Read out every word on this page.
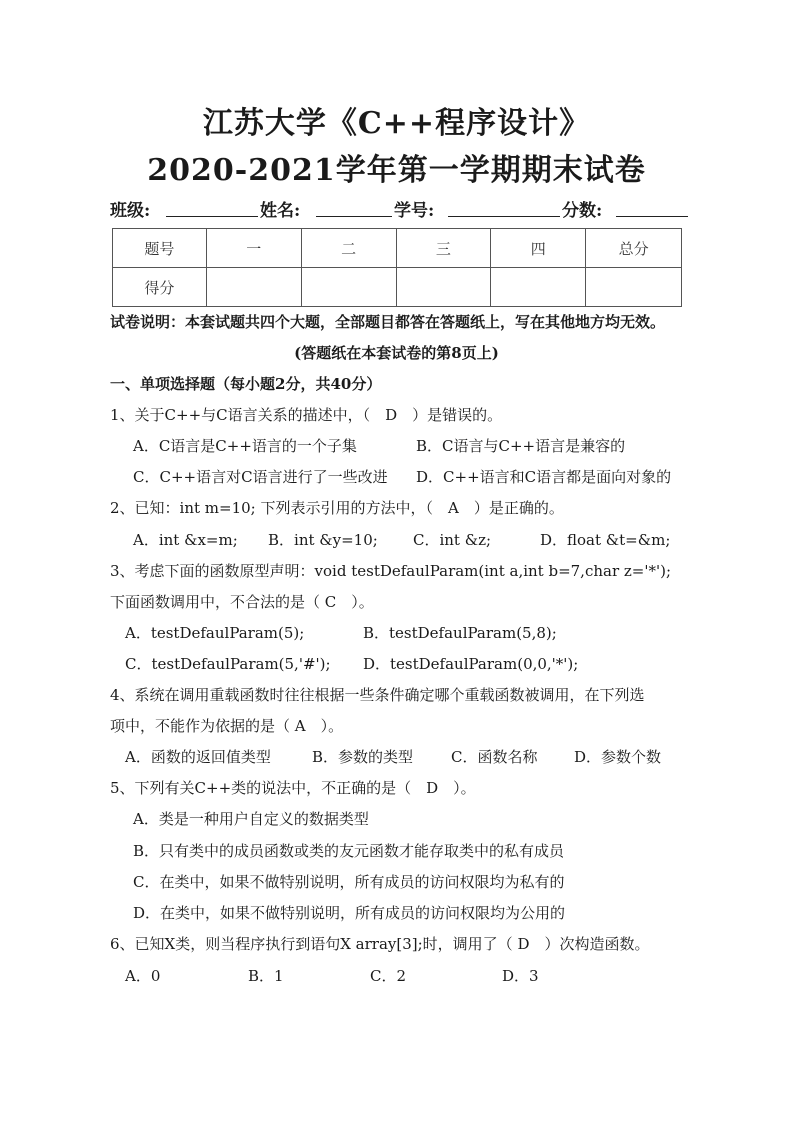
江苏大学《C++程序设计》
2020-2021学年第一学期期末试卷
班级:	姓名:	学号:	分数:
题号	一	二	三	四	总分
得分					
试卷说明：本套试题共四个大题，全部题目都答在答题纸上，写在其他地方均无效。
(答题纸在本套试卷的第8页上)
一、单项选择题（每小题2分，共40分）
1、关于C++与C语言关系的描述中，（　D　）是错误的。
A．C语言是C++语言的一个子集	B．C语言与C++语言是兼容的
C．C++语言对C语言进行了一些改进 D．C++语言和C语言都是面向对象的
2、已知：int m=10; 下列表示引用的方法中，（　A　）是正确的。
A．int &x=m; B．int &y=10; C．int &z;	D．float &t=&m;
3、考虑下面的函数原型声明：void testDefaulParam(int a,int b=7,char z='*');
下面函数调用中，不合法的是（ C　）。
A．testDefaulParam(5);	B．testDefaulParam(5,8);
C．testDefaulParam(5,'#'); D．testDefaulParam(0,0,'*');
4、系统在调用重载函数时往往根据一些条件确定哪个重载函数被调用，在下列选
项中，不能作为依据的是（ A　）。
A．函数的返回值类型	B．参数的类型	C．函数名称 D．参数个数
5、下列有关C++类的说法中，不正确的是（　D　）。
A．类是一种用户自定义的数据类型
B．只有类中的成员函数或类的友元函数才能存取类中的私有成员
C．在类中，如果不做特别说明，所有成员的访问权限均为私有的
D．在类中，如果不做特别说明，所有成员的访问权限均为公用的
6、已知X类，则当程序执行到语句X array[3];时，调用了（ D　）次构造函数。
A．0	B．1	C．2	D．3
